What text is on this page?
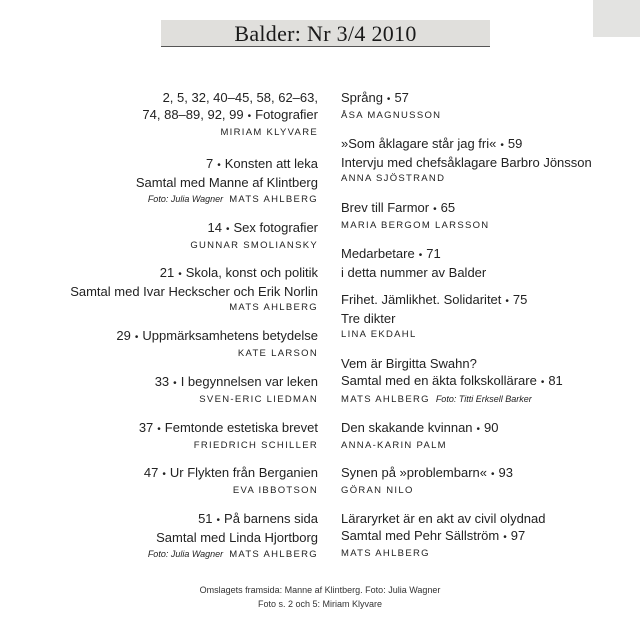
Balder: Nr 3/4 2010
2, 5, 32, 40–45, 58, 62–63,
74, 88–89, 92, 99 • Fotografier
MIRIAM KLYVARE
7 • Konsten att leka
Samtal med Manne af Klintberg
Foto: Julia Wagner MATS AHLBERG
14 • Sex fotografier
GUNNAR SMOLIANSKY
21 • Skola, konst och politik
Samtal med Ivar Heckscher och Erik Norlin
MATS AHLBERG
29 • Uppmärksamhetens betydelse
KATE LARSON
33 • I begynnelsen var leken
SVEN-ERIC LIEDMAN
37 • Femtonde estetiska brevet
FRIEDRICH SCHILLER
47 • Ur Flykten från Berganien
EVA IBBOTSON
51 • På barnens sida
Samtal med Linda Hjortborg
Foto: Julia Wagner MATS AHLBERG
Språng • 57
ÅSA MAGNUSSON
»Som åklagare står jag fri« • 59
Intervju med chefsåklagare Barbro Jönsson
ANNA SJÖSTRAND
Brev till Farmor • 65
MARIA BERGOM LARSSON
Medarbetare • 71
i detta nummer av Balder
Frihet. Jämlikhet. Solidaritet • 75
Tre dikter
LINA EKDAHL
Vem är Birgitta Swahn?
Samtal med en äkta folkskollärare • 81
MATS AHLBERG Foto: Titti Erksell Barker
Den skakande kvinnan • 90
ANNA-KARIN PALM
Synen på »problembarn« • 93
GÖRAN NILO
Läraryrket är en akt av civil olydnad
Samtal med Pehr Sällström • 97
MATS AHLBERG
Omslagets framsida: Manne af Klintberg. Foto: Julia Wagner
Foto s. 2 och 5: Miriam Klyvare
